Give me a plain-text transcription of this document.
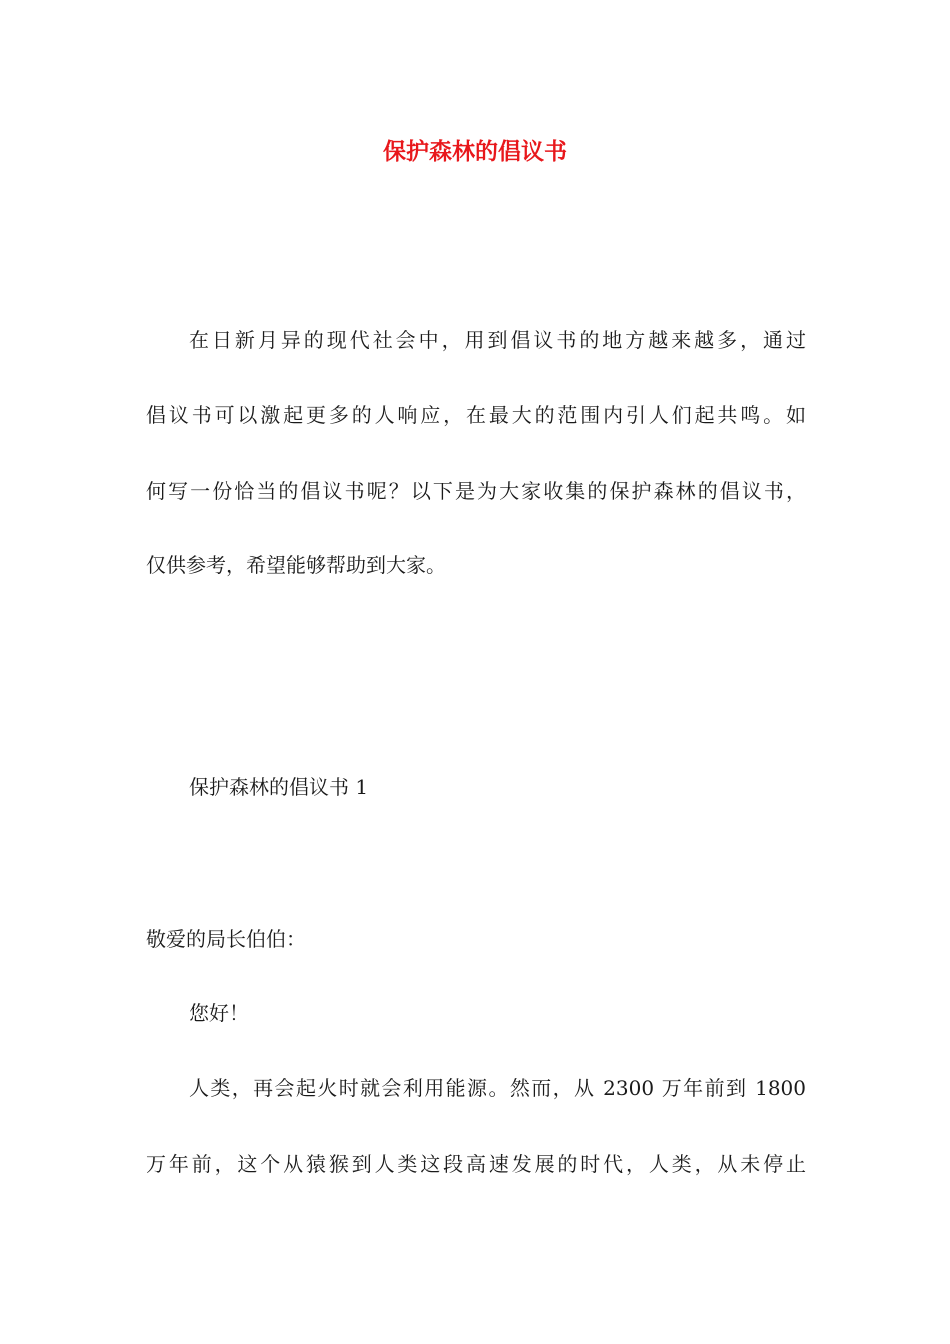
保护森林的倡议书
在日新月异的现代社会中，用到倡议书的地方越来越多，通过
倡议书可以激起更多的人响应，在最大的范围内引人们起共鸣。如
何写一份恰当的倡议书呢？以下是为大家收集的保护森林的倡议书，
仅供参考，希望能够帮助到大家。
保护森林的倡议书 1
敬爱的局长伯伯：
您好！
人类，再会起火时就会利用能源。然而，从 2300 万年前到 1800
万年前，这个从猿猴到人类这段高速发展的时代，人类，从未停止
